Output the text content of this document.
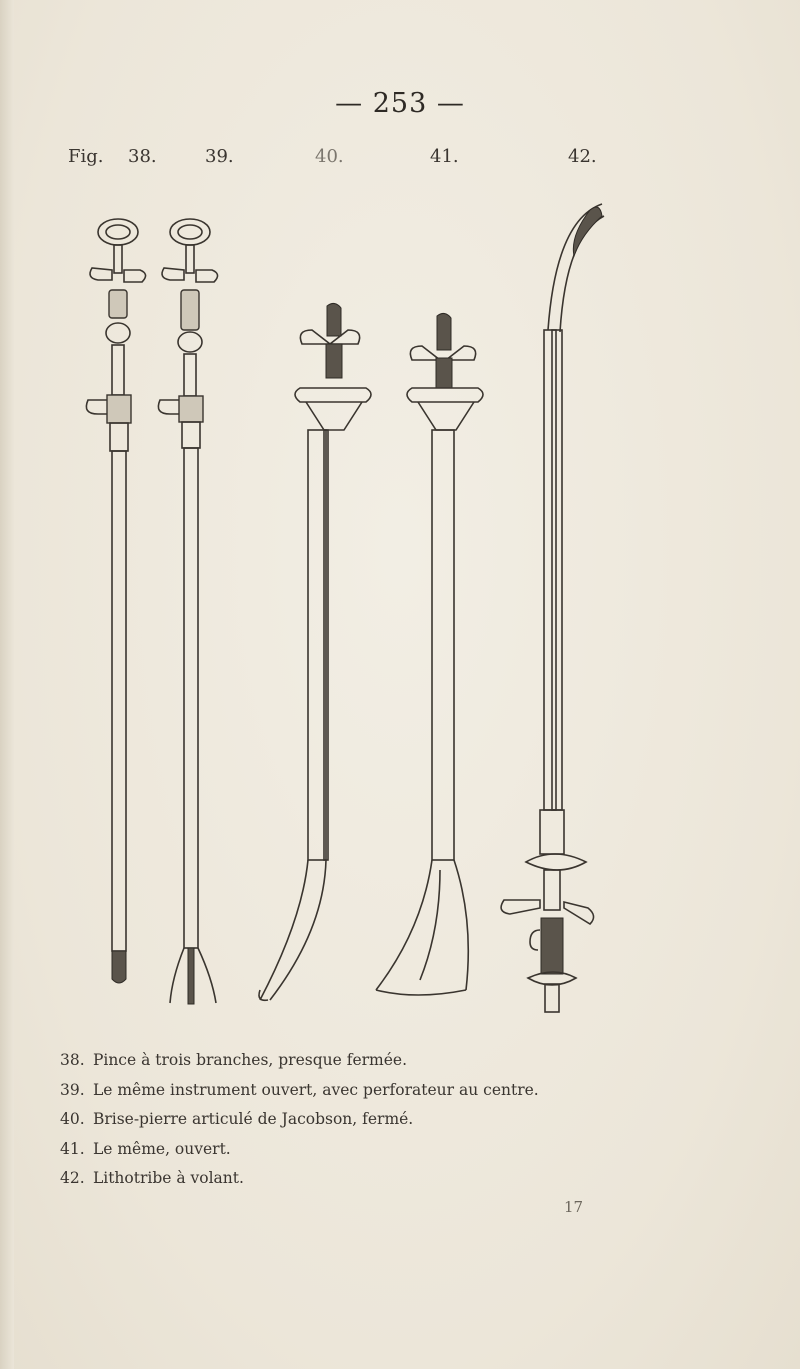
— 253 —
Fig. 38.	39.	40.	41.	42.
38. Pince à trois branches, presque fermée.
39. Le même instrument ouvert, avec perforateur au centre.
40. Brise-pierre articulé de Jacobson, fermé.
41. Le même, ouvert.
42. Lithotribe à volant.
17
